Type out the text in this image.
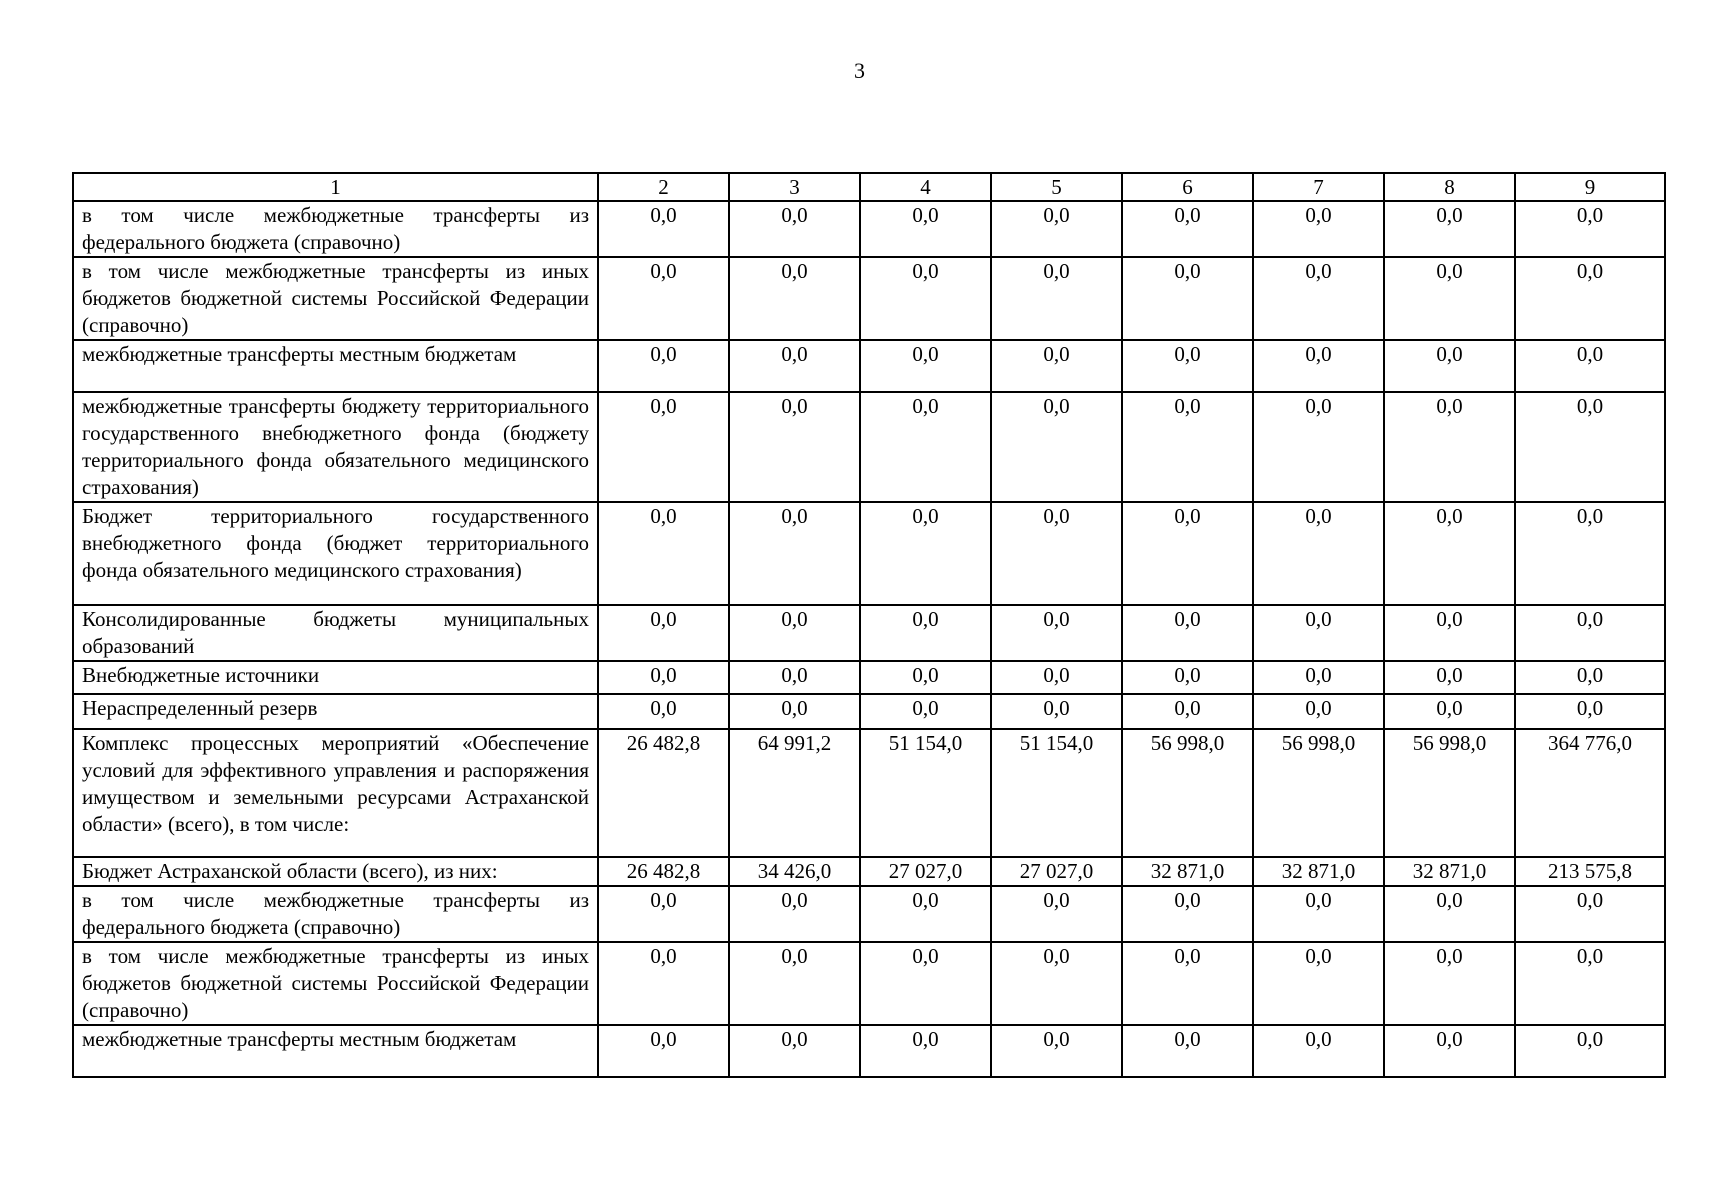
3
1	2	3	4	5	6	7	8	9
в том числе межбюджетные трансферты из федерального бюджета (справочно)	0,0	0,0	0,0	0,0	0,0	0,0	0,0	0,0
в том числе межбюджетные трансферты из иных бюджетов бюджетной системы Российской Федерации (справочно)	0,0	0,0	0,0	0,0	0,0	0,0	0,0	0,0
межбюджетные трансферты местным бюджетам	0,0	0,0	0,0	0,0	0,0	0,0	0,0	0,0
межбюджетные трансферты бюджету территориального государственного внебюджетного фонда (бюджету территориального фонда обязательного медицинского страхования)	0,0	0,0	0,0	0,0	0,0	0,0	0,0	0,0
Бюджет территориального государственного внебюджетного фонда (бюджет территориального фонда обязательного медицинского страхования)	0,0	0,0	0,0	0,0	0,0	0,0	0,0	0,0
Консолидированные бюджеты муниципальных образований	0,0	0,0	0,0	0,0	0,0	0,0	0,0	0,0
Внебюджетные источники	0,0	0,0	0,0	0,0	0,0	0,0	0,0	0,0
Нераспределенный резерв	0,0	0,0	0,0	0,0	0,0	0,0	0,0	0,0
Комплекс процессных мероприятий «Обеспечение условий для эффективного управления и распоряжения имуществом и земельными ресурсами Астраханской области» (всего), в том числе:	26 482,8	64 991,2	51 154,0	51 154,0	56 998,0	56 998,0	56 998,0	364 776,0
Бюджет Астраханской области (всего), из них:	26 482,8	34 426,0	27 027,0	27 027,0	32 871,0	32 871,0	32 871,0	213 575,8
в том числе межбюджетные трансферты из федерального бюджета (справочно)	0,0	0,0	0,0	0,0	0,0	0,0	0,0	0,0
в том числе межбюджетные трансферты из иных бюджетов бюджетной системы Российской Федерации (справочно)	0,0	0,0	0,0	0,0	0,0	0,0	0,0	0,0
межбюджетные трансферты местным бюджетам	0,0	0,0	0,0	0,0	0,0	0,0	0,0	0,0
